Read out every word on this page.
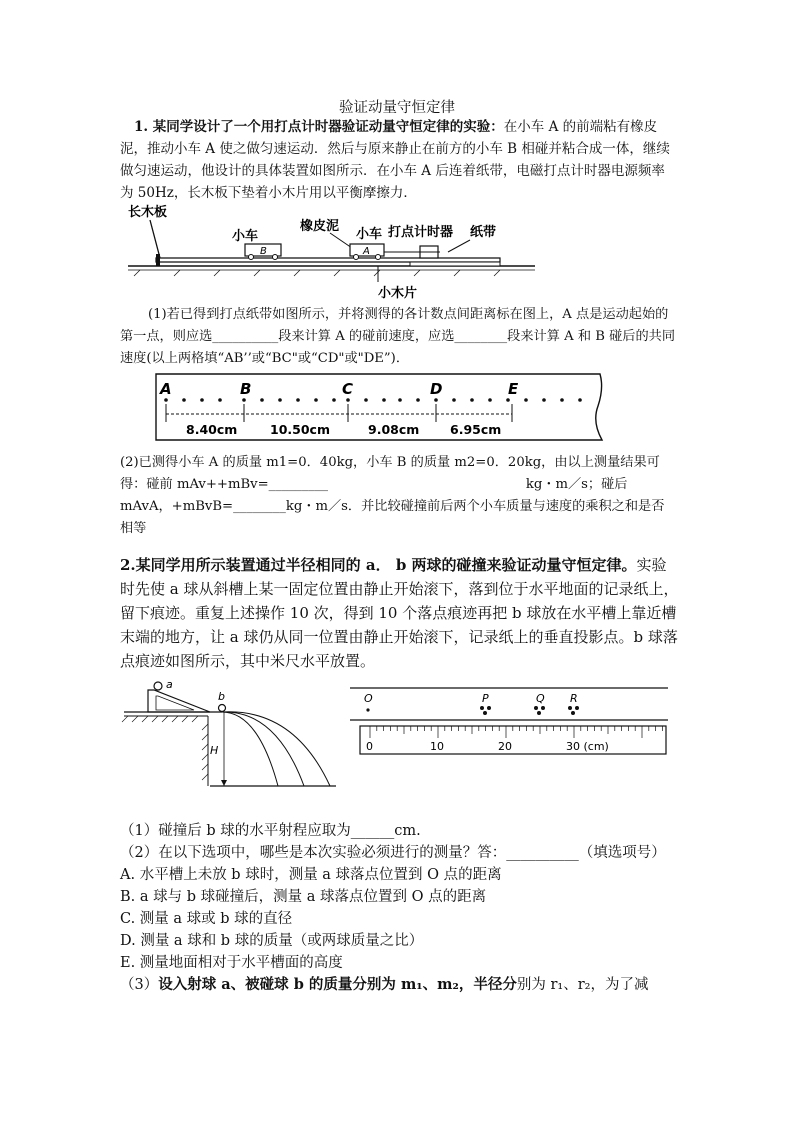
验证动量守恒定律
1. 某同学设计了一个用打点计时器验证动量守恒定律的实验：在小车 A 的前端粘有橡皮泥，推动小车 A 使之做匀速运动．然后与原来静止在前方的小车 B 相碰并粘合成一体，继续做匀速运动，他设计的具体装置如图所示．在小车 A 后连着纸带，电磁打点计时器电源频率为 50Hz，长木板下垫着小木片用以平衡摩擦力．
长木板
小车
B
橡皮泥
A
小车 打点计时器 纸带
小木片
(1)若已得到打点纸带如图所示，并将测得的各计数点间距离标在图上，A 点是运动起始的第一点，则应选__________段来计算 A 的碰前速度，应选________段来计算 A 和 B 碰后的共同速度(以上两格填“AB’’或“BC"或“CD"或"DE”)．
A	B	C	D	E
8.40cm	10.50cm	9.08cm 6.95cm
(2)已测得小车 A 的质量 m1=0．40kg，小车 B 的质量 m2=0．20kg，由以上测量结果可得：碰前 mAv++mBv=_________　　　　　　　　　　　　　　　kg・m／s；碰后 mAvA，+mBvB=________kg・m／s．并比较碰撞前后两个小车质量与速度的乘积之和是否相等
2.某同学用所示装置通过半径相同的 a． b 两球的碰撞来验证动量守恒定律。实验时先使 a 球从斜槽上某一固定位置由静止开始滚下，落到位于水平地面的记录纸上，留下痕迹。重复上述操作 10 次，得到 10 个落点痕迹再把 b 球放在水平槽上靠近槽末端的地方，让 a 球仍从同一位置由静止开始滚下，记录纸上的垂直投影点。b 球落点痕迹如图所示，其中米尺水平放置。
a
b
H
O	P	Q R
0	10	20	30 (cm)
（1）碰撞后 b 球的水平射程应取为______cm.
（2）在以下选项中，哪些是本次实验必须进行的测量？答：__________（填选项号）
A. 水平槽上未放 b 球时，测量 a 球落点位置到 O 点的距离
B. a 球与 b 球碰撞后，测量 a 球落点位置到 O 点的距离
C. 测量 a 球或 b 球的直径
D. 测量 a 球和 b 球的质量（或两球质量之比）
E. 测量地面相对于水平槽面的高度
（3）设入射球 a、被碰球 b 的质量分别为 m₁、m₂，半径分别为 r₁、r₂，为了减
